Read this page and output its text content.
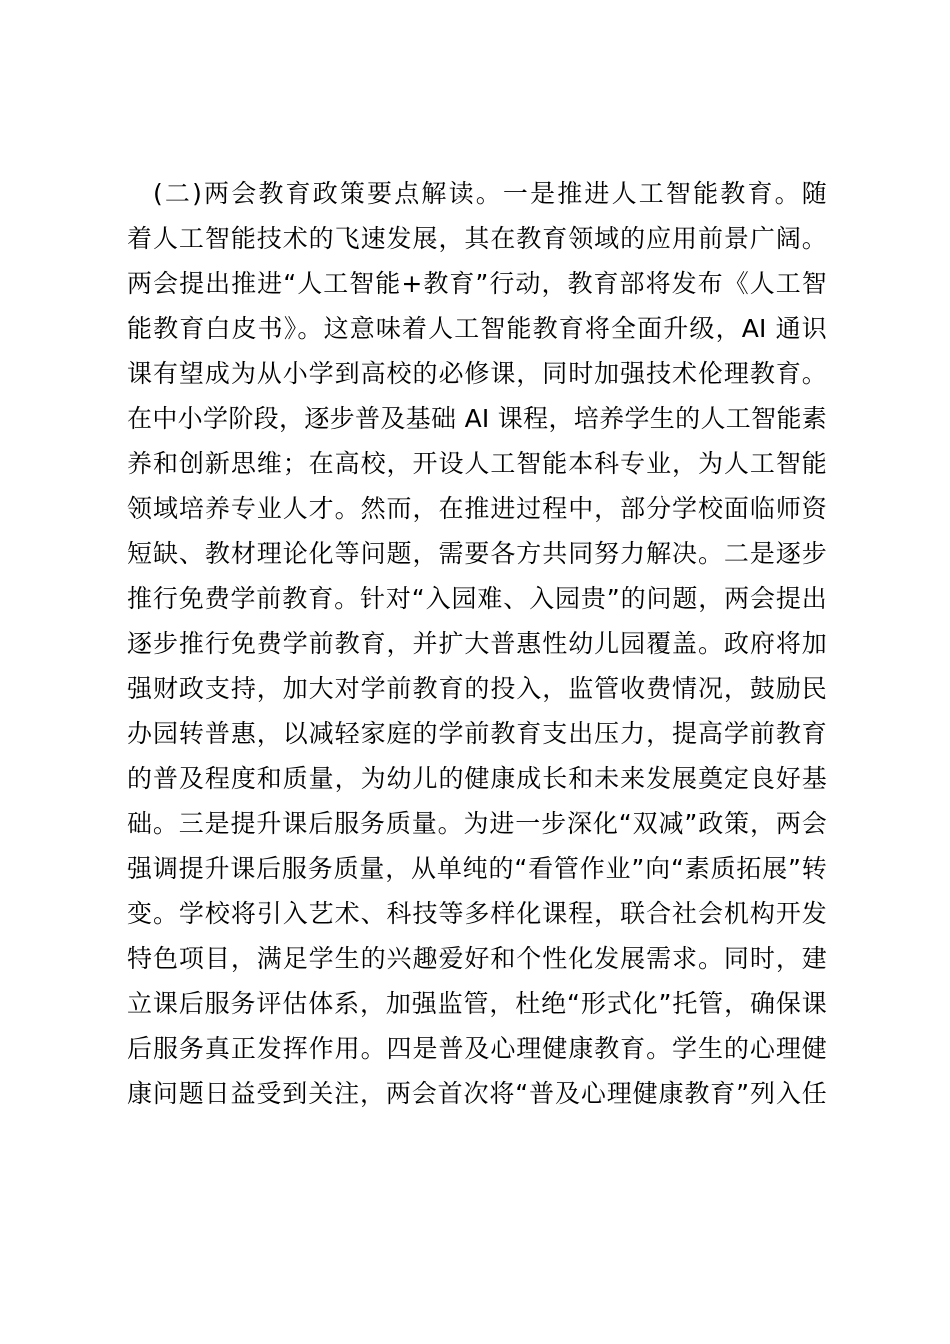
(二)两会教育政策要点解读。一是推进人工智能教育。随
着人工智能技术的飞速发展，其在教育领域的应用前景广阔。
两会提出推进“人工智能+教育”行动，教育部将发布《人工智
能教育白皮书》。这意味着人工智能教育将全面升级，AI 通识
课有望成为从小学到高校的必修课，同时加强技术伦理教育。
在中小学阶段，逐步普及基础 AI 课程，培养学生的人工智能素
养和创新思维；在高校，开设人工智能本科专业，为人工智能
领域培养专业人才。然而，在推进过程中，部分学校面临师资
短缺、教材理论化等问题，需要各方共同努力解决。二是逐步
推行免费学前教育。针对“入园难、入园贵”的问题，两会提出
逐步推行免费学前教育，并扩大普惠性幼儿园覆盖。政府将加
强财政支持，加大对学前教育的投入，监管收费情况，鼓励民
办园转普惠，以减轻家庭的学前教育支出压力，提高学前教育
的普及程度和质量，为幼儿的健康成长和未来发展奠定良好基
础。三是提升课后服务质量。为进一步深化“双减”政策，两会
强调提升课后服务质量，从单纯的“看管作业”向“素质拓展”转
变。学校将引入艺术、科技等多样化课程，联合社会机构开发
特色项目，满足学生的兴趣爱好和个性化发展需求。同时，建
立课后服务评估体系，加强监管，杜绝“形式化”托管，确保课
后服务真正发挥作用。四是普及心理健康教育。学生的心理健
康问题日益受到关注，两会首次将“普及心理健康教育”列入任
